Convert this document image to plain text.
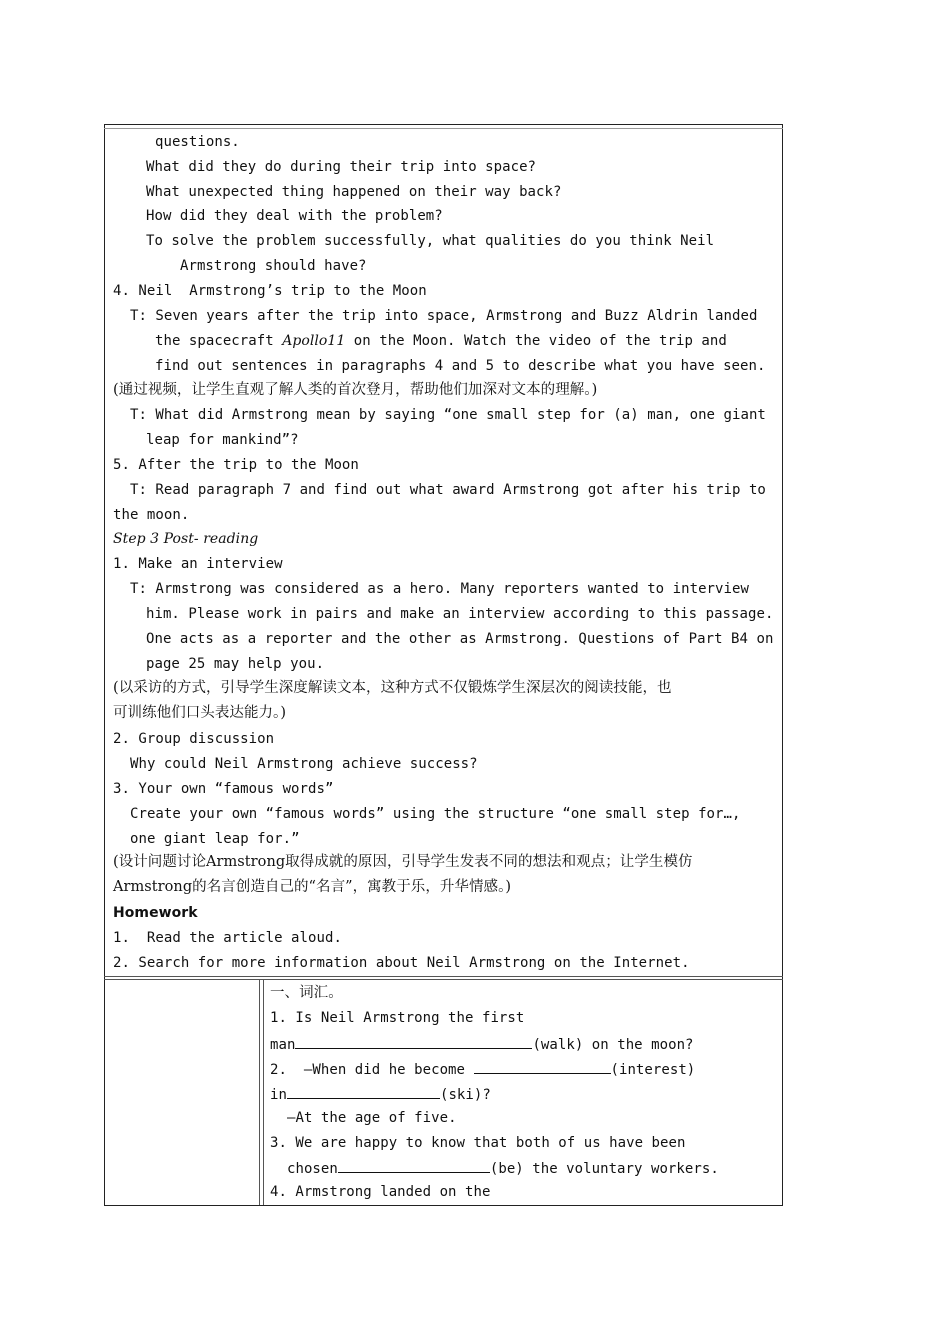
questions.
What did they do during their trip into space?
What unexpected thing happened on their way back?
How did they deal with the problem?
To solve the problem successfully, what qualities do you think Neil
Armstrong should have?
4. Neil  Armstrong’s trip to the Moon
T: Seven years after the trip into space, Armstrong and Buzz Aldrin landed
the spacecraft Apollo11 on the Moon. Watch the video of the trip and
find out sentences in paragraphs 4 and 5 to describe what you have seen.
(通过视频，让学生直观了解人类的首次登月，帮助他们加深对文本的理解。)
T: What did Armstrong mean by saying “one small step for (a) man, one giant
leap for mankind”?
5. After the trip to the Moon
T: Read paragraph 7 and find out what award Armstrong got after his trip to
the moon.
Step 3 Post- reading
1. Make an interview
T: Armstrong was considered as a hero. Many reporters wanted to interview
him. Please work in pairs and make an interview according to this passage.
One acts as a reporter and the other as Armstrong. Questions of Part B4 on
page 25 may help you.
(以采访的方式，引导学生深度解读文本，这种方式不仅锻炼学生深层次的阅读技能，也
可训练他们口头表达能力。)
2. Group discussion
Why could Neil Armstrong achieve success?
3. Your own “famous words”
Create your own “famous words” using the structure “one small step for…,
one giant leap for.”
(设计问题讨论Armstrong取得成就的原因，引导学生发表不同的想法和观点；让学生模仿
Armstrong的名言创造自己的“名言”，寓教于乐，升华情感。)
Homework
1.  Read the article aloud.
2. Search for more information about Neil Armstrong on the Internet.
一、词汇。
1. Is Neil Armstrong the first
man	(walk) on the moon?
2.  —When did he become	(interest)
in	(ski)?
—At the age of five.
3. We are happy to know that both of us have been
chosen	(be) the voluntary workers.
4. Armstrong landed on the
